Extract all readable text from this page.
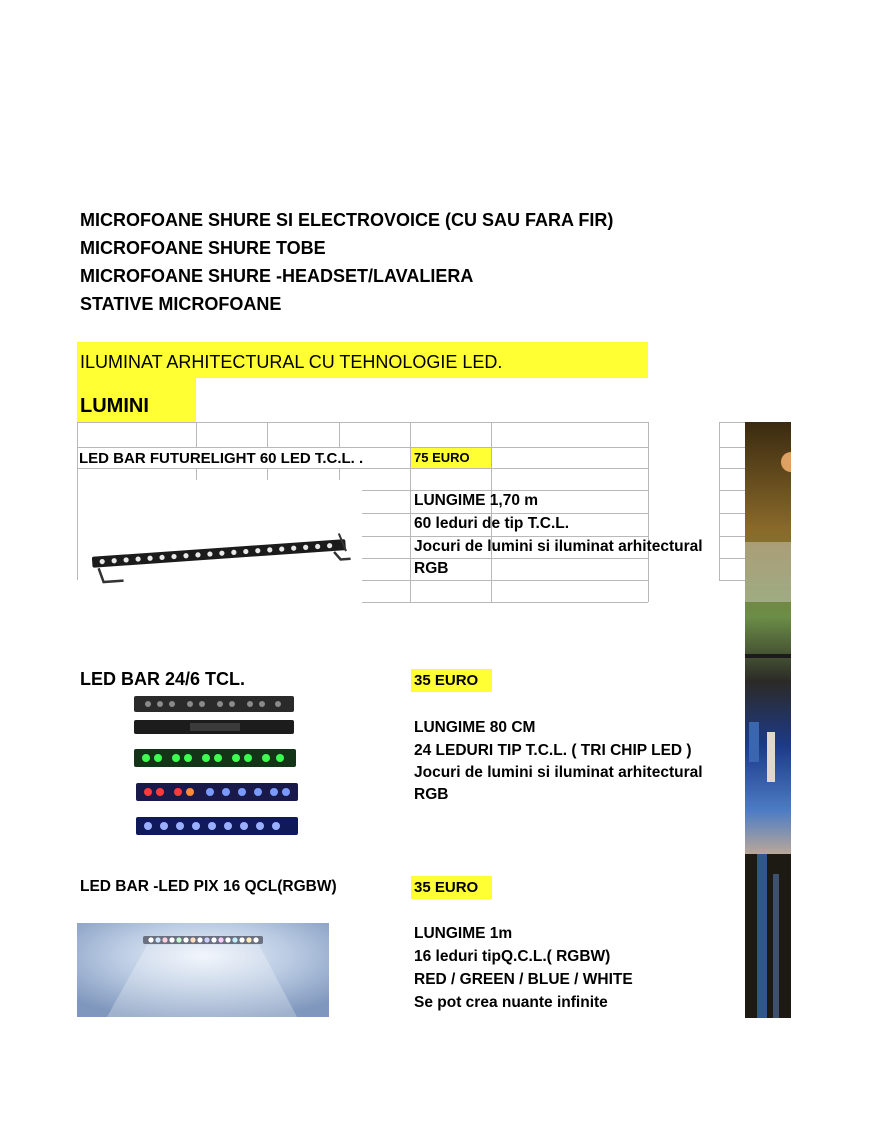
MICROFOANE SHURE SI ELECTROVOICE (CU SAU FARA FIR)
MICROFOANE SHURE TOBE
MICROFOANE SHURE -HEADSET/LAVALIERA
STATIVE MICROFOANE
ILUMINAT ARHITECTURAL CU TEHNOLOGIE LED.
LUMINI
LED BAR FUTURELIGHT 60 LED T.C.L. .	75 EURO
LUNGIME 1,70 m
60 leduri de tip T.C.L.
Jocuri de lumini si iluminat arhitectural
RGB
LED BAR 24/6 TCL.	35 EURO
LUNGIME 80 CM
24 LEDURI TIP T.C.L. ( TRI CHIP LED )
Jocuri de lumini si iluminat arhitectural
RGB
LED BAR -LED PIX 16 QCL(RGBW)	35 EURO
LUNGIME 1m
16 leduri tipQ.C.L.( RGBW)
RED / GREEN / BLUE / WHITE
Se pot crea nuante infinite
